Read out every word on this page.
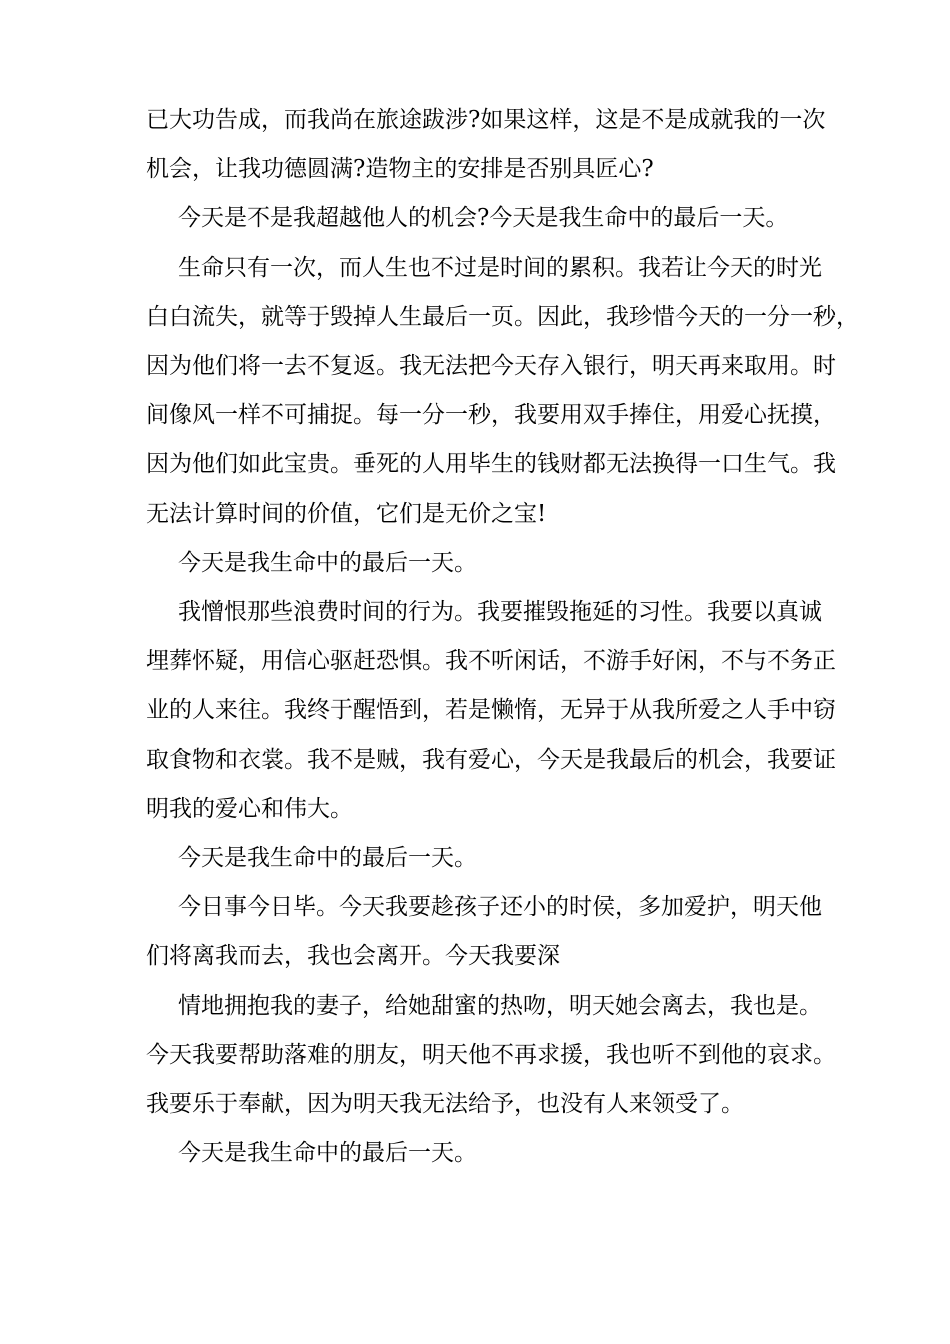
已大功告成，而我尚在旅途跋涉?如果这样，这是不是成就我的一次

机会，让我功德圆满?造物主的安排是否别具匠心?

今天是不是我超越他人的机会?今天是我生命中的最后一天。

生命只有一次，而人生也不过是时间的累积。我若让今天的时光

白白流失，就等于毁掉人生最后一页。因此，我珍惜今天的一分一秒，

因为他们将一去不复返。我无法把今天存入银行，明天再来取用。时

间像风一样不可捕捉。每一分一秒，我要用双手捧住，用爱心抚摸，

因为他们如此宝贵。垂死的人用毕生的钱财都无法换得一口生气。我

无法计算时间的价值，它们是无价之宝!

今天是我生命中的最后一天。

我憎恨那些浪费时间的行为。我要摧毁拖延的习性。我要以真诚

埋葬怀疑，用信心驱赶恐惧。我不听闲话，不游手好闲，不与不务正

业的人来往。我终于醒悟到，若是懒惰，无异于从我所爱之人手中窃

取食物和衣裳。我不是贼，我有爱心，今天是我最后的机会，我要证

明我的爱心和伟大。

今天是我生命中的最后一天。

今日事今日毕。今天我要趁孩子还小的时侯，多加爱护，明天他

们将离我而去，我也会离开。今天我要深

情地拥抱我的妻子，给她甜蜜的热吻，明天她会离去，我也是。

今天我要帮助落难的朋友，明天他不再求援，我也听不到他的哀求。

我要乐于奉献，因为明天我无法给予，也没有人来领受了。

今天是我生命中的最后一天。
